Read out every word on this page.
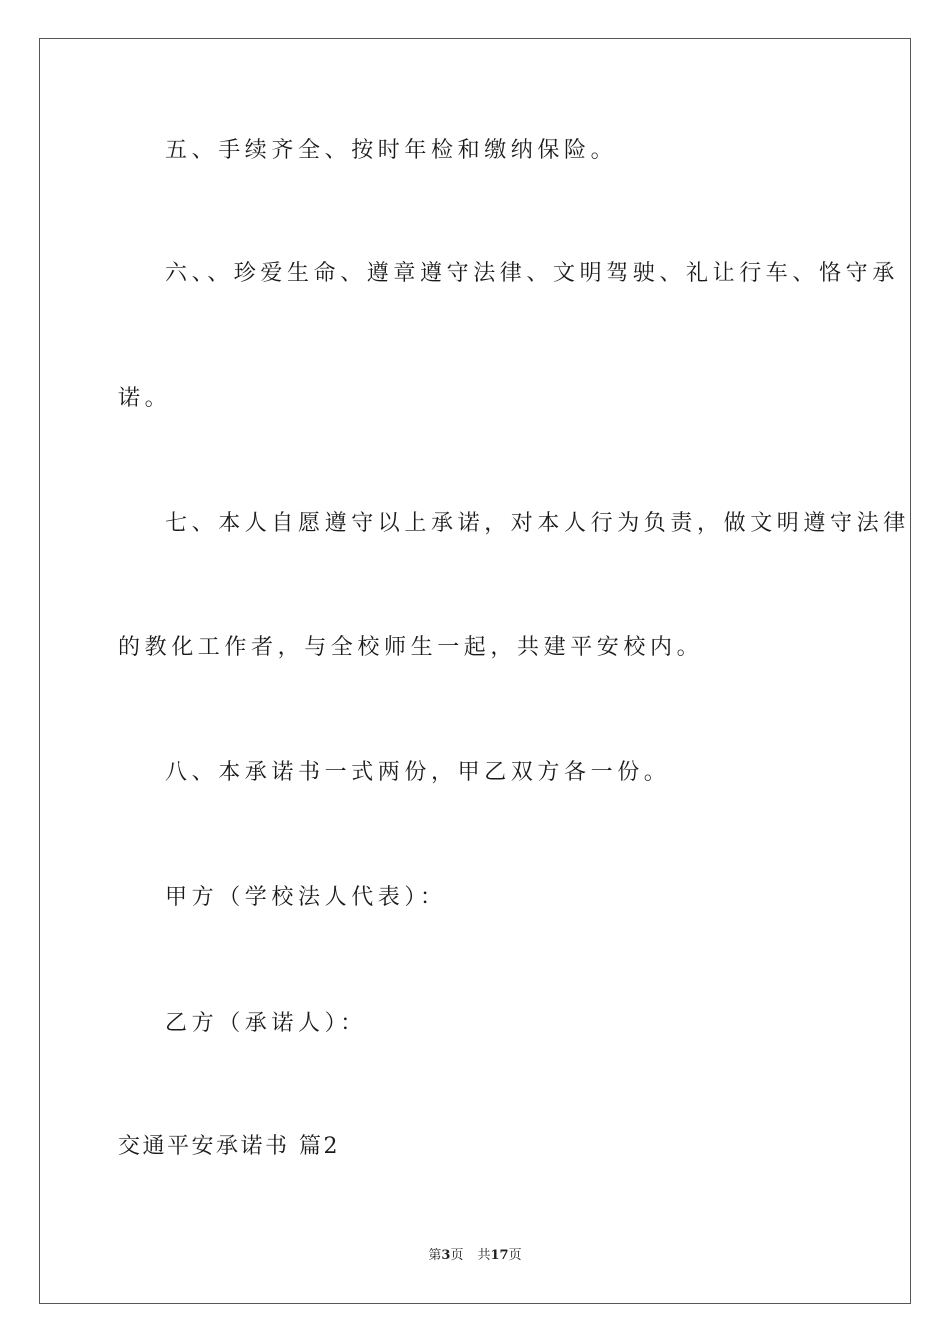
五、手续齐全、按时年检和缴纳保险。

六、、珍爱生命、遵章遵守法律、文明驾驶、礼让行车、恪守承

诺。

七、本人自愿遵守以上承诺，对本人行为负责，做文明遵守法律

的教化工作者，与全校师生一起，共建平安校内。

八、本承诺书一式两份，甲乙双方各一份。

甲方（学校法人代表）：

乙方（承诺人）：

交通平安承诺书 篇2

第3页 共17页
